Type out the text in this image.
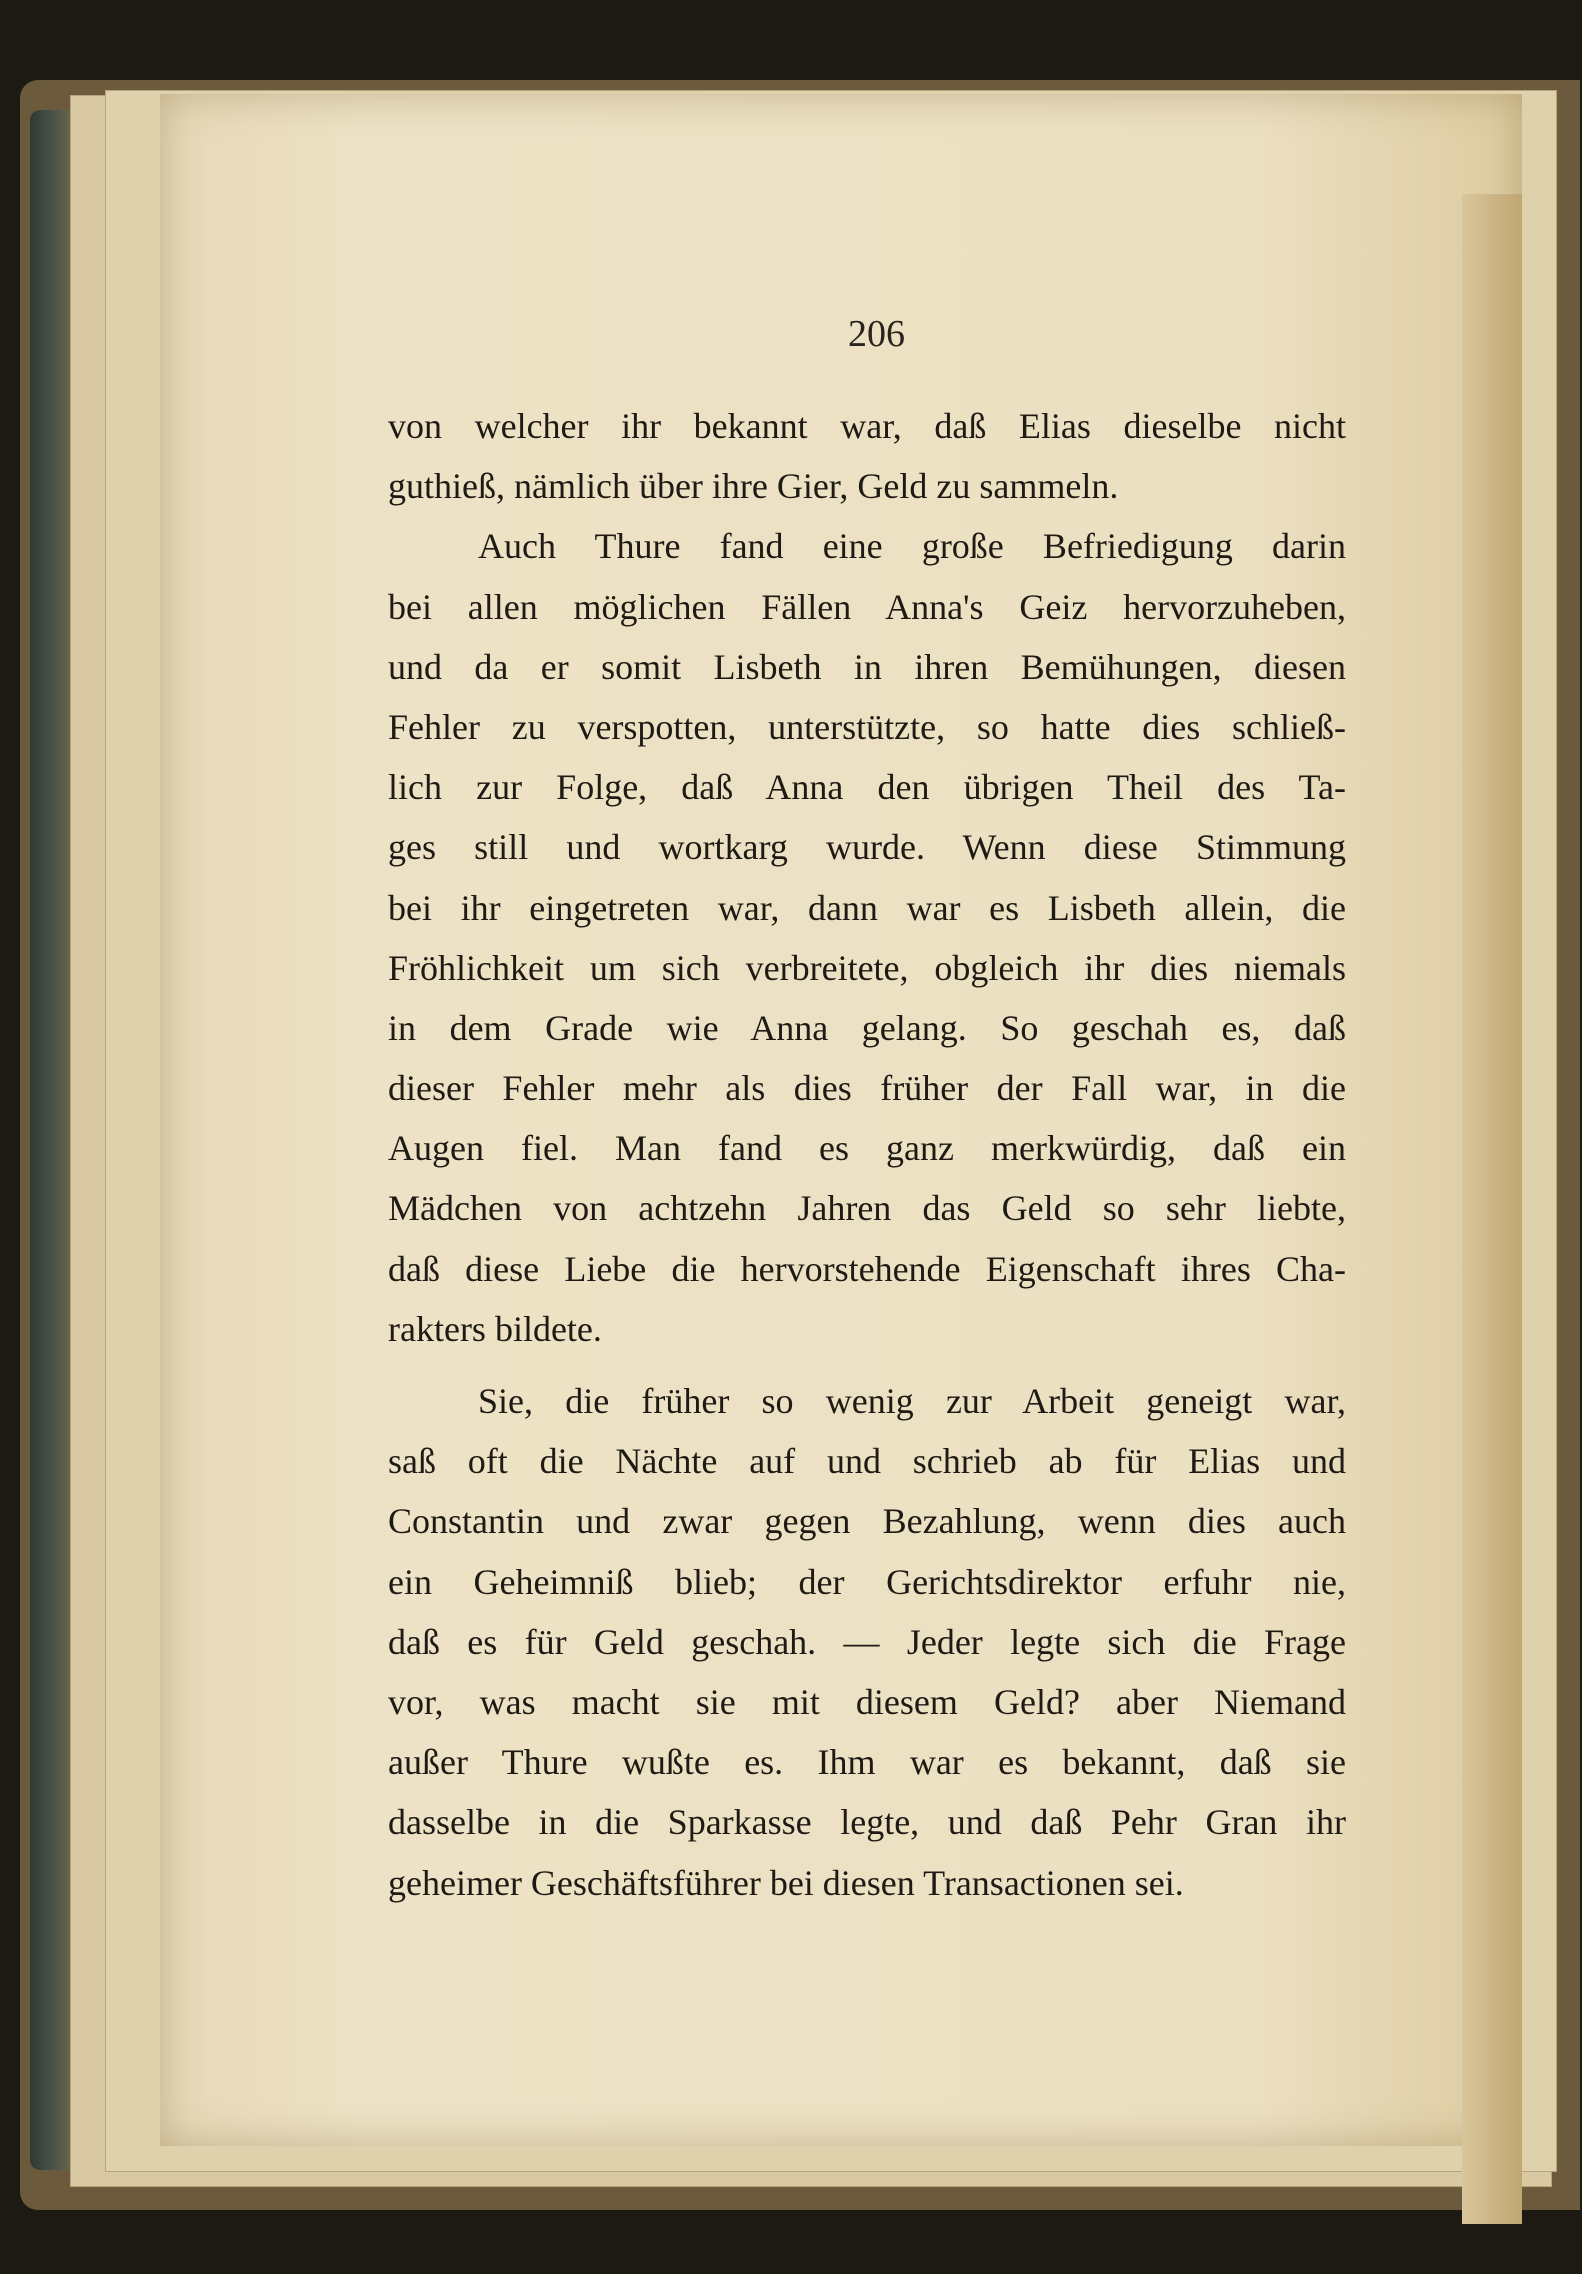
206
von welcher ihr bekannt war, daß Elias dieselbe nicht
guthieß, nämlich über ihre Gier, Geld zu sammeln.
Auch Thure fand eine große Befriedigung darin
bei allen möglichen Fällen Anna's Geiz hervorzuheben,
und da er somit Lisbeth in ihren Bemühungen, diesen
Fehler zu verspotten, unterstützte, so hatte dies schließ-
lich zur Folge, daß Anna den übrigen Theil des Ta-
ges still und wortkarg wurde. Wenn diese Stimmung
bei ihr eingetreten war, dann war es Lisbeth allein, die
Fröhlichkeit um sich verbreitete, obgleich ihr dies niemals
in dem Grade wie Anna gelang. So geschah es, daß
dieser Fehler mehr als dies früher der Fall war, in die
Augen fiel. Man fand es ganz merkwürdig, daß ein
Mädchen von achtzehn Jahren das Geld so sehr liebte,
daß diese Liebe die hervorstehende Eigenschaft ihres Cha-
rakters bildete.
Sie, die früher so wenig zur Arbeit geneigt war,
saß oft die Nächte auf und schrieb ab für Elias und
Constantin und zwar gegen Bezahlung, wenn dies auch
ein Geheimniß blieb; der Gerichtsdirektor erfuhr nie,
daß es für Geld geschah. — Jeder legte sich die Frage
vor, was macht sie mit diesem Geld? aber Niemand
außer Thure wußte es. Ihm war es bekannt, daß sie
dasselbe in die Sparkasse legte, und daß Pehr Gran ihr
geheimer Geschäftsführer bei diesen Transactionen sei.
